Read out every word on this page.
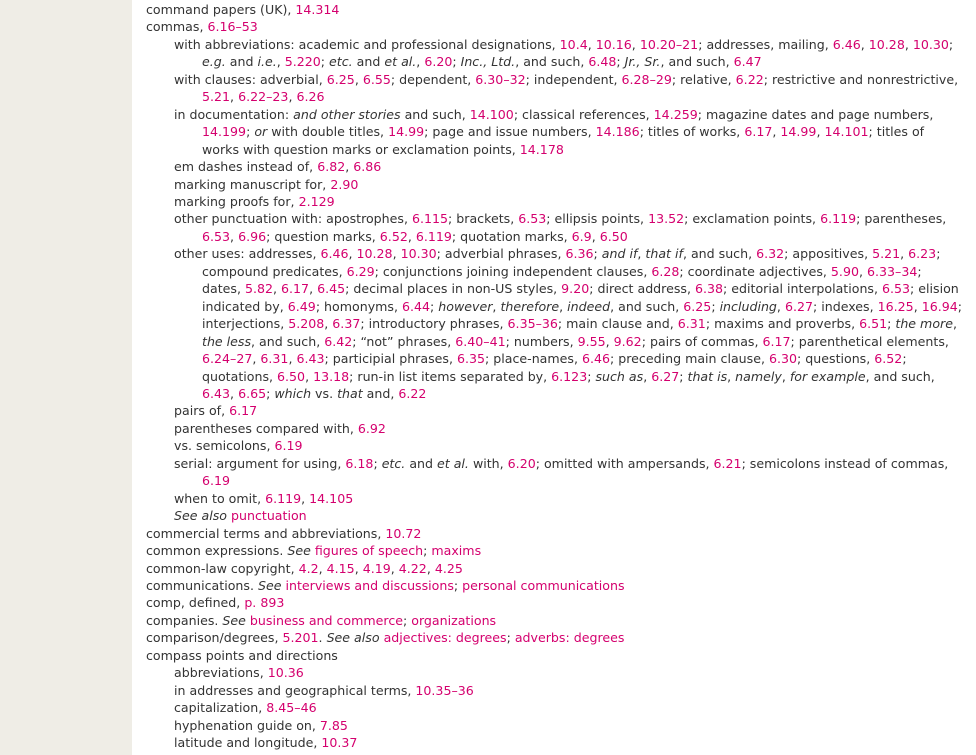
command papers (UK), 14.314
commas, 6.16–53
with abbreviations: academic and professional designations, 10.4, 10.16, 10.20–21; addresses, mailing, 6.46, 10.28, 10.30; e.g. and i.e., 5.220; etc. and et al., 6.20; Inc., Ltd., and such, 6.48; Jr., Sr., and such, 6.47
with clauses: adverbial, 6.25, 6.55; dependent, 6.30–32; independent, 6.28–29; relative, 6.22; restrictive and nonrestrictive, 5.21, 6.22–23, 6.26
in documentation: and other stories and such, 14.100; classical references, 14.259; magazine dates and page numbers, 14.199; or with double titles, 14.99; page and issue numbers, 14.186; titles of works, 6.17, 14.99, 14.101; titles of works with question marks or exclamation points, 14.178
em dashes instead of, 6.82, 6.86
marking manuscript for, 2.90
marking proofs for, 2.129
other punctuation with: apostrophes, 6.115; brackets, 6.53; ellipsis points, 13.52; exclamation points, 6.119; parentheses, 6.53, 6.96; question marks, 6.52, 6.119; quotation marks, 6.9, 6.50
other uses: addresses, 6.46, 10.28, 10.30; adverbial phrases, 6.36; and if, that if, and such, 6.32; appositives, 5.21, 6.23; compound predicates, 6.29; conjunctions joining independent clauses, 6.28; coordinate adjectives, 5.90, 6.33–34; dates, 5.82, 6.17, 6.45; decimal places in non-US styles, 9.20; direct address, 6.38; editorial interpolations, 6.53; elision indicated by, 6.49; homonyms, 6.44; however, therefore, indeed, and such, 6.25; including, 6.27; indexes, 16.25, 16.94; interjections, 5.208, 6.37; introductory phrases, 6.35–36; main clause and, 6.31; maxims and proverbs, 6.51; the more, the less, and such, 6.42; “not” phrases, 6.40–41; numbers, 9.55, 9.62; pairs of commas, 6.17; parenthetical elements, 6.24–27, 6.31, 6.43; participial phrases, 6.35; place-names, 6.46; preceding main clause, 6.30; questions, 6.52; quotations, 6.50, 13.18; run-in list items separated by, 6.123; such as, 6.27; that is, namely, for example, and such, 6.43, 6.65; which vs. that and, 6.22
pairs of, 6.17
parentheses compared with, 6.92
vs. semicolons, 6.19
serial: argument for using, 6.18; etc. and et al. with, 6.20; omitted with ampersands, 6.21; semicolons instead of commas, 6.19
when to omit, 6.119, 14.105
See also punctuation
commercial terms and abbreviations, 10.72
common expressions. See figures of speech; maxims
common-law copyright, 4.2, 4.15, 4.19, 4.22, 4.25
communications. See interviews and discussions; personal communications
comp, defined, p. 893
companies. See business and commerce; organizations
comparison/degrees, 5.201. See also adjectives: degrees; adverbs: degrees
compass points and directions
abbreviations, 10.36
in addresses and geographical terms, 10.35–36
capitalization, 8.45–46
hyphenation guide on, 7.85
latitude and longitude, 10.37
